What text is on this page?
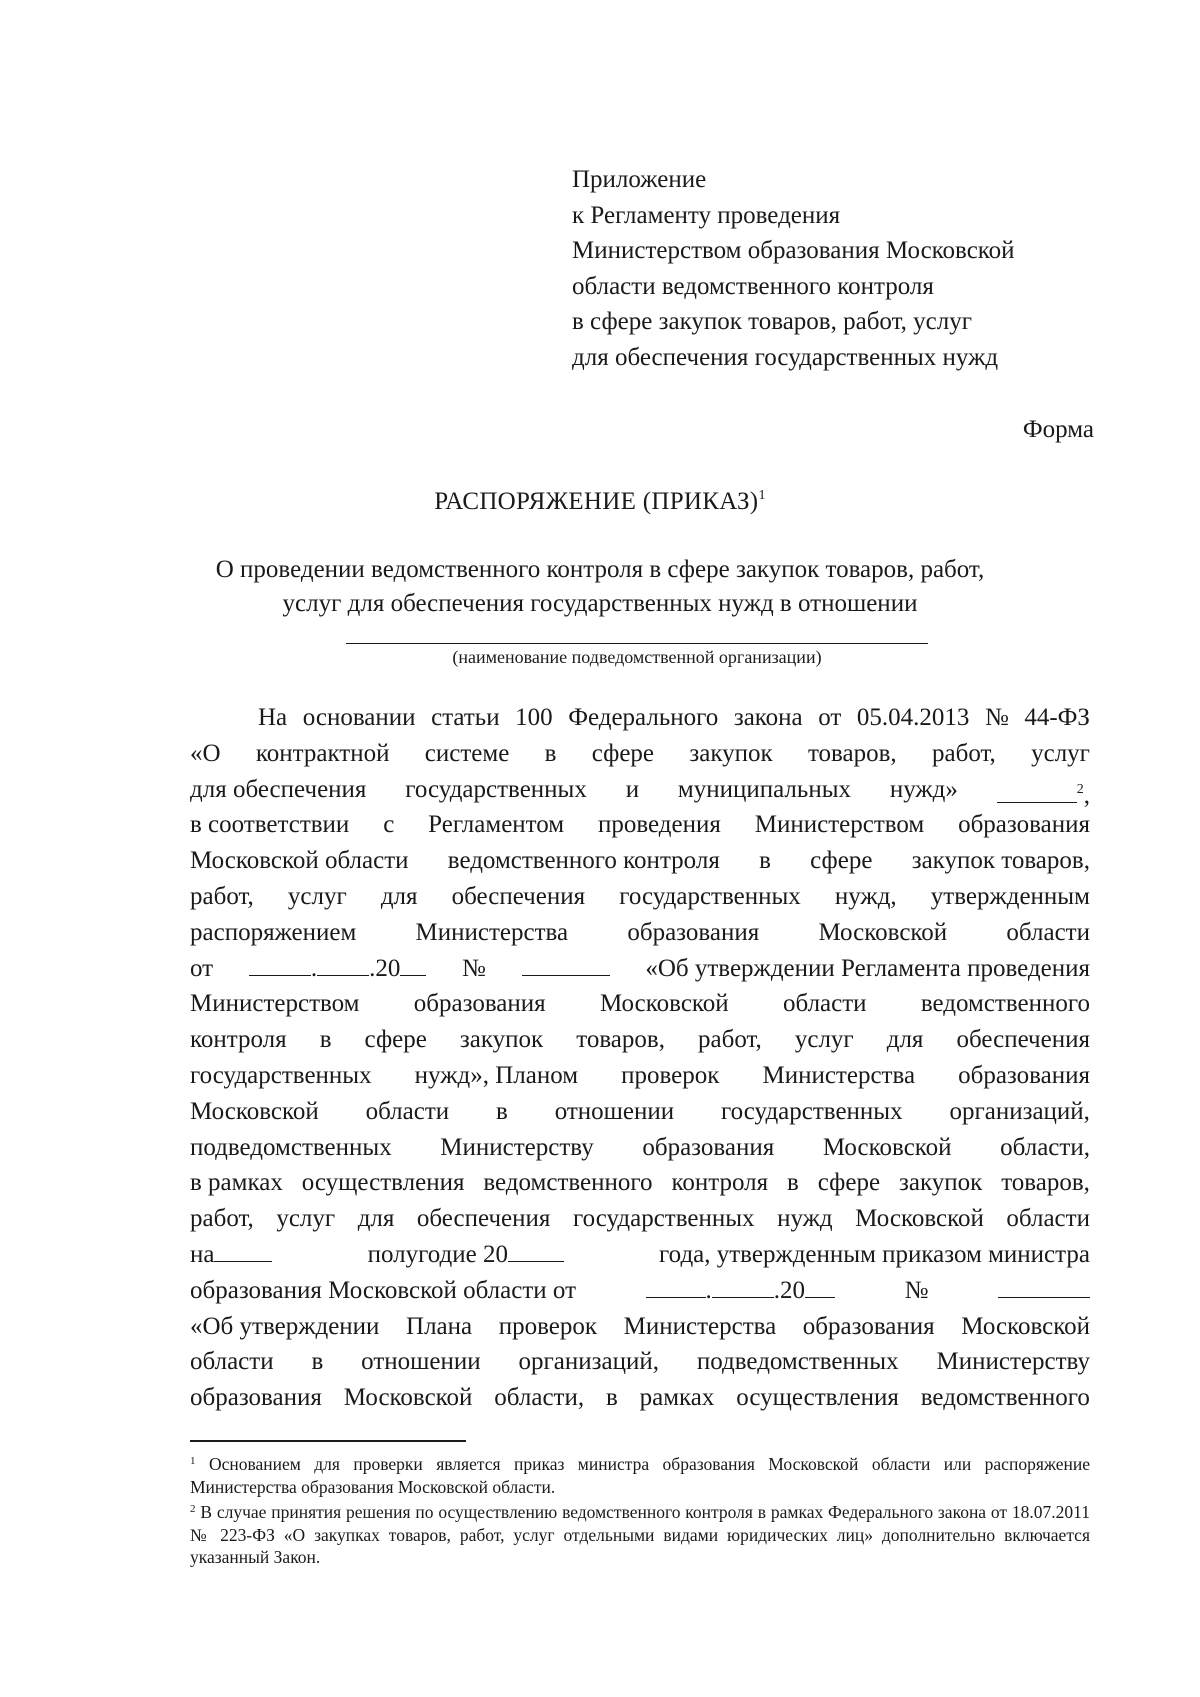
Приложение
к Регламенту проведения
Министерством образования Московской
области ведомственного контроля
в сфере закупок товаров, работ, услуг
для обеспечения государственных нужд
Форма
РАСПОРЯЖЕНИЕ (ПРИКАЗ)$^1$
О проведении ведомственного контроля в сфере закупок товаров, работ,
услуг для обеспечения государственных нужд в отношении
(наименование подведомственной организации)
На основании статьи 100 Федерального закона от 05.04.2013 № 44-ФЗ
«О контрактной системе в сфере закупок товаров, работ, услуг
для обеспечения государственных и муниципальных нужд»	$^2$,
в соответствии с Регламентом проведения Министерством образования
Московской области ведомственного контроля в сфере закупок товаров,
работ, услуг для обеспечения государственных нужд, утвержденным
распоряжением Министерства образования Московской области
от	. .20	№	«Об утверждении Регламента проведения
Министерством образования Московской области ведомственного
контроля в сфере закупок товаров, работ, услуг для обеспечения
государственных нужд», Планом проверок Министерства образования
Московской области в отношении государственных организаций,
подведомственных Министерству образования Московской области,
в рамках осуществления ведомственного контроля в сфере закупок товаров,
работ, услуг для обеспечения государственных нужд Московской области
на	полугодие 20	года, утвержденным приказом министра
образования Московской области от	. .20	№
«Об утверждении Плана проверок Министерства образования Московской
области в отношении организаций, подведомственных Министерству
образования Московской области, в рамках осуществления ведомственного

$^1$ Основанием для проверки является приказ министра образования Московской области или распоряжение Министерства образования Московской области.

$^2$ В случае принятия решения по осуществлению ведомственного контроля в рамках Федерального закона от 18.07.2011 № 223-ФЗ «О закупках товаров, работ, услуг отдельными видами юридических лиц» дополнительно включается указанный Закон.
